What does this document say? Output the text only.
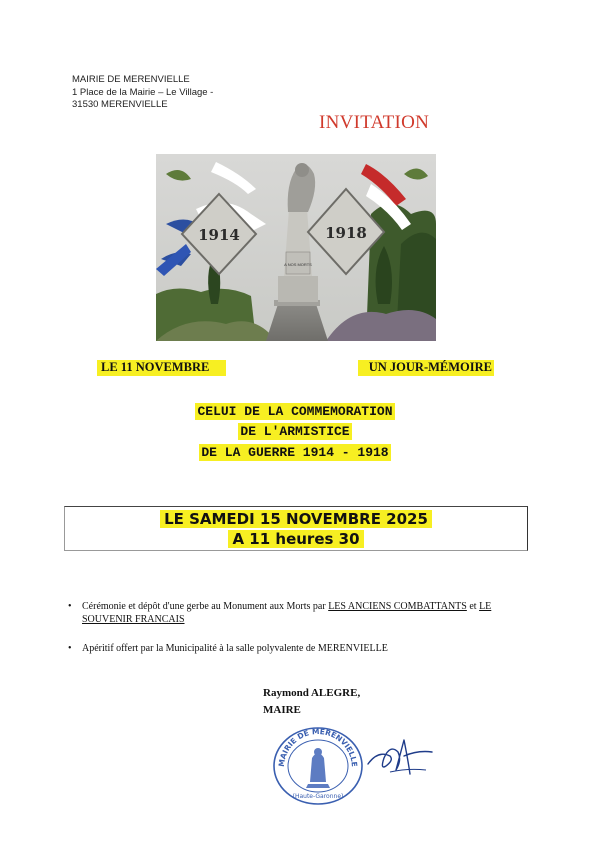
MAIRIE DE MERENVIELLE
1 Place de la Mairie – Le Village -
31530 MERENVIELLE
INVITATION
1914	1918
A NOS MORTS
LE 11 NOVEMBRE	UN JOUR-MÉMOIRE
CELUI DE LA COMMEMORATION
DE L'ARMISTICE
DE LA GUERRE 1914 - 1918
LE SAMEDI 15 NOVEMBRE 2025
A 11 heures 30
• Cérémonie et dépôt d'une gerbe au Monument aux Morts par LES ANCIENS COMBATTANTS et LE SOUVENIR FRANCAIS
• Apéritif offert par la Municipalité à la salle polyvalente de MERENVIELLE
Raymond ALEGRE,
MAIRE
MAIRIE DE MERENVIELLE
(Haute-Garonne)
